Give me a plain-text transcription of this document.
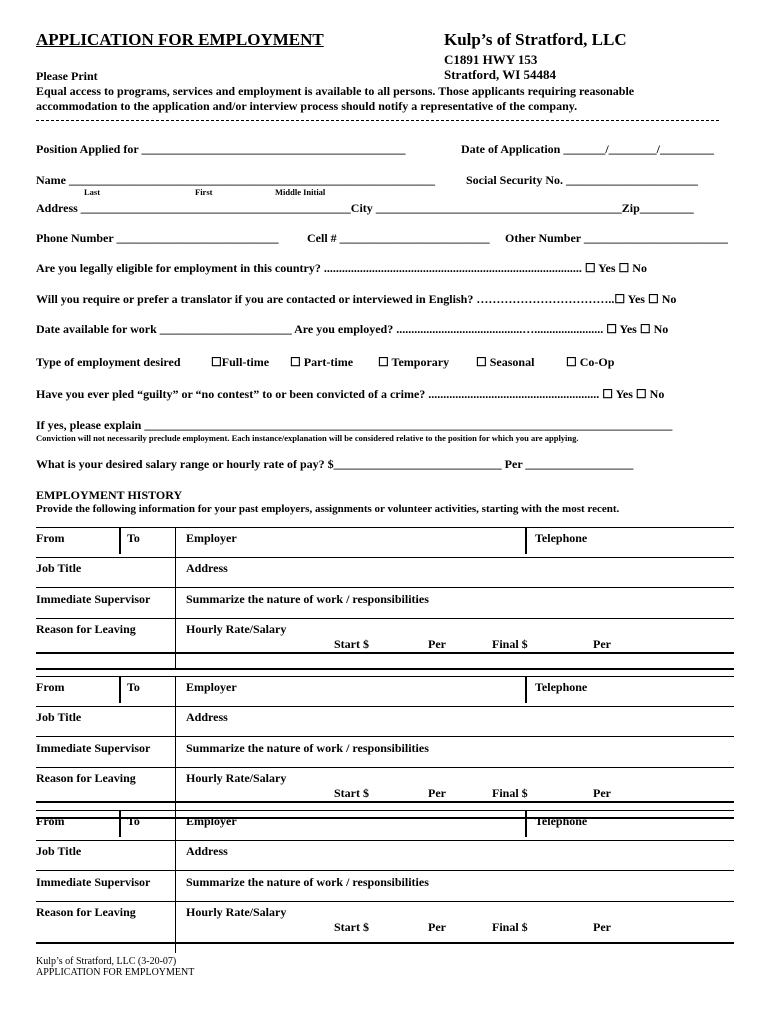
APPLICATION FOR EMPLOYMENT	Kulp’s of Stratford, LLC
C1891 HWY 153
Stratford, WI 54484
Please Print
Equal access to programs, services and employment is available to all persons. Those applicants requiring reasonable
accommodation to the application and/or interview process should notify a representative of the company.
Position Applied for ____________________________________________	Date of Application _______/________/_________
Name _____________________________________________________________	Social Security No. ______________________
Last	First	Middle Initial
Address _____________________________________________City _________________________________________Zip_________
Phone Number ___________________________ Cell # _________________________ Other Number ________________________
Are you legally eligible for employment in this country? ...................................................................................... ☐ Yes ☐ No
Will you require or prefer a translator if you are contacted or interviewed in English? ……………………………..☐ Yes ☐ No
Date available for work ______________________ Are you employed? ..........................................…....................... ☐ Yes ☐ No
Type of employment desired	☐Full-time ☐ Part-time ☐ Temporary ☐ Seasonal	☐ Co-Op
Have you ever pled “guilty” or “no contest” to or been convicted of a crime? ......................................................... ☐ Yes ☐ No
If yes, please explain ________________________________________________________________________________________
Conviction will not necessarily preclude employment. Each instance/explanation will be considered relative to the position for which you are applying.
What is your desired salary range or hourly rate of pay? $____________________________ Per __________________
EMPLOYMENT HISTORY
Provide the following information for your past employers, assignments or volunteer activities, starting with the most recent.
From	To	Employer	Telephone
Job Title	Address
Immediate Supervisor	Summarize the nature of work / responsibilities
Reason for Leaving	Hourly Rate/Salary
Start $	Per	Final $	Per
From	To	Employer	Telephone
Job Title	Address
Immediate Supervisor	Summarize the nature of work / responsibilities
Reason for Leaving	Hourly Rate/Salary
Start $	Per	Final $	Per
From	To	Employer	Telephone
Job Title	Address
Immediate Supervisor	Summarize the nature of work / responsibilities
Reason for Leaving	Hourly Rate/Salary
Start $	Per	Final $	Per
Kulp’s of Stratford, LLC (3-20-07)
APPLICATION FOR EMPLOYMENT
